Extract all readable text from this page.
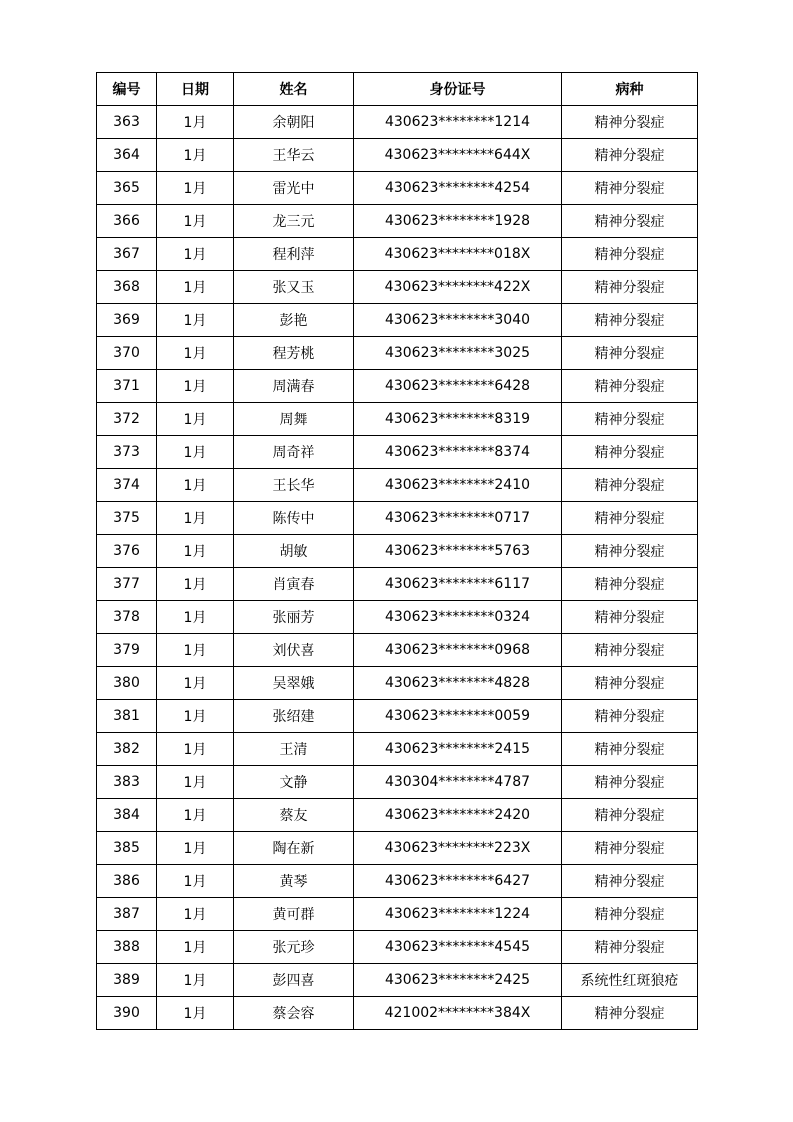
编号	日期	姓名	身份证号	病种
363	1月	余朝阳	430623********1214	精神分裂症
364	1月	王华云	430623********644X	精神分裂症
365	1月	雷光中	430623********4254	精神分裂症
366	1月	龙三元	430623********1928	精神分裂症
367	1月	程利萍	430623********018X	精神分裂症
368	1月	张又玉	430623********422X	精神分裂症
369	1月	彭艳	430623********3040	精神分裂症
370	1月	程芳桃	430623********3025	精神分裂症
371	1月	周满春	430623********6428	精神分裂症
372	1月	周舞	430623********8319	精神分裂症
373	1月	周奇祥	430623********8374	精神分裂症
374	1月	王长华	430623********2410	精神分裂症
375	1月	陈传中	430623********0717	精神分裂症
376	1月	胡敏	430623********5763	精神分裂症
377	1月	肖寅春	430623********6117	精神分裂症
378	1月	张丽芳	430623********0324	精神分裂症
379	1月	刘伏喜	430623********0968	精神分裂症
380	1月	吴翠娥	430623********4828	精神分裂症
381	1月	张绍建	430623********0059	精神分裂症
382	1月	王清	430623********2415	精神分裂症
383	1月	文静	430304********4787	精神分裂症
384	1月	蔡友	430623********2420	精神分裂症
385	1月	陶在新	430623********223X	精神分裂症
386	1月	黄琴	430623********6427	精神分裂症
387	1月	黄可群	430623********1224	精神分裂症
388	1月	张元珍	430623********4545	精神分裂症
389	1月	彭四喜	430623********2425	系统性红斑狼疮
390	1月	蔡会容	421002********384X	精神分裂症
